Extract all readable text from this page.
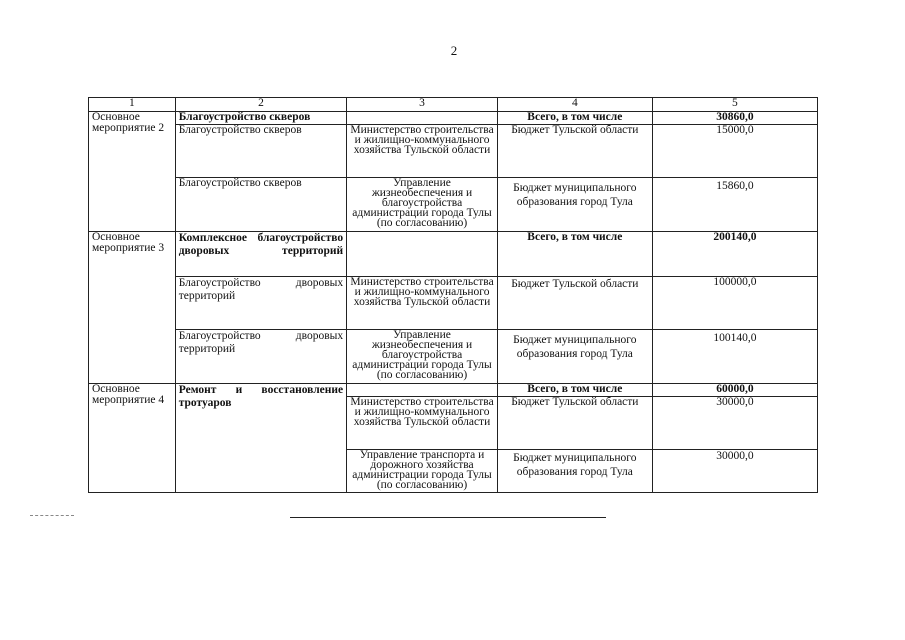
2
1	2	3	4	5
Основное мероприятие 2	Благоустройство скверов		Всего, в том числе	30860,0
	Благоустройство скверов	Министерство строительства и жилищно-коммунального хозяйства Тульской области	Бюджет Тульской области	15000,0
	Благоустройство скверов	Управление жизнеобеспечения и благоустройства администрации города Тулы (по согласованию)	Бюджет муниципального образования город Тула	15860,0
Основное мероприятие 3	Комплексное благоустройство дворовых территорий		Всего, в том числе	200140,0
	Благоустройство дворовых территорий	Министерство строительства и жилищно-коммунального хозяйства Тульской области	Бюджет Тульской области	100000,0
	Благоустройство дворовых территорий	Управление жизнеобеспечения и благоустройства администрации города Тулы (по согласованию)	Бюджет муниципального образования город Тула	100140,0
Основное мероприятие 4	Ремонт и восстановление тротуаров		Всего, в том числе	60000,0
		Министерство строительства и жилищно-коммунального хозяйства Тульской области	Бюджет Тульской области	30000,0
		Управление транспорта и дорожного хозяйства администрации города Тулы (по согласованию)	Бюджет муниципального образования город Тула	30000,0
